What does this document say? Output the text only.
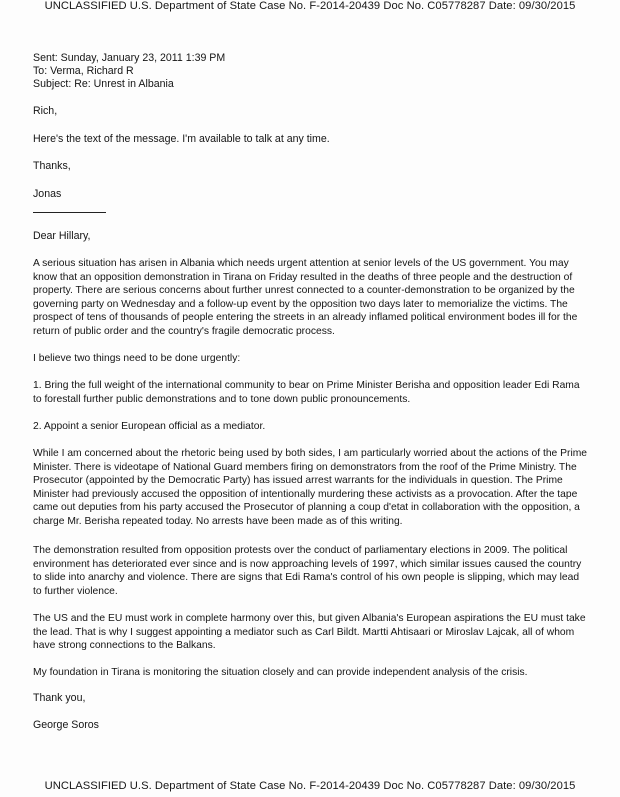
UNCLASSIFIED U.S. Department of State Case No. F-2014-20439 Doc No. C05778287 Date: 09/30/2015
Sent: Sunday, January 23, 2011 1:39 PM
To: Verma, Richard R
Subject: Re: Unrest in Albania
Rich,
Here's the text of the message. I'm available to talk at any time.
Thanks,
Jonas
Dear Hillary,
A serious situation has arisen in Albania which needs urgent attention at senior levels of the US government. You may know that an opposition demonstration in Tirana on Friday resulted in the deaths of three people and the destruction of property. There are serious concerns about further unrest connected to a counter-demonstration to be organized by the governing party on Wednesday and a follow-up event by the opposition two days later to memorialize the victims. The prospect of tens of thousands of people entering the streets in an already inflamed political environment bodes ill for the return of public order and the country's fragile democratic process.
I believe two things need to be done urgently:
1. Bring the full weight of the international community to bear on Prime Minister Berisha and opposition leader Edi Rama to forestall further public demonstrations and to tone down public pronouncements.
2. Appoint a senior European official as a mediator.
While I am concerned about the rhetoric being used by both sides, I am particularly worried about the actions of the Prime Minister. There is videotape of National Guard members firing on demonstrators from the roof of the Prime Ministry. The Prosecutor (appointed by the Democratic Party) has issued arrest warrants for the individuals in question. The Prime Minister had previously accused the opposition of intentionally murdering these activists as a provocation. After the tape came out deputies from his party accused the Prosecutor of planning a coup d'etat in collaboration with the opposition, a charge Mr. Berisha repeated today. No arrests have been made as of this writing.
The demonstration resulted from opposition protests over the conduct of parliamentary elections in 2009. The political environment has deteriorated ever since and is now approaching levels of 1997, which similar issues caused the country to slide into anarchy and violence. There are signs that Edi Rama's control of his own people is slipping, which may lead to further violence.
The US and the EU must work in complete harmony over this, but given Albania's European aspirations the EU must take the lead. That is why I suggest appointing a mediator such as Carl Bildt. Martti Ahtisaari or Miroslav Lajcak, all of whom have strong connections to the Balkans.
My foundation in Tirana is monitoring the situation closely and can provide independent analysis of the crisis.
Thank you,
George Soros
UNCLASSIFIED U.S. Department of State Case No. F-2014-20439 Doc No. C05778287 Date: 09/30/2015
